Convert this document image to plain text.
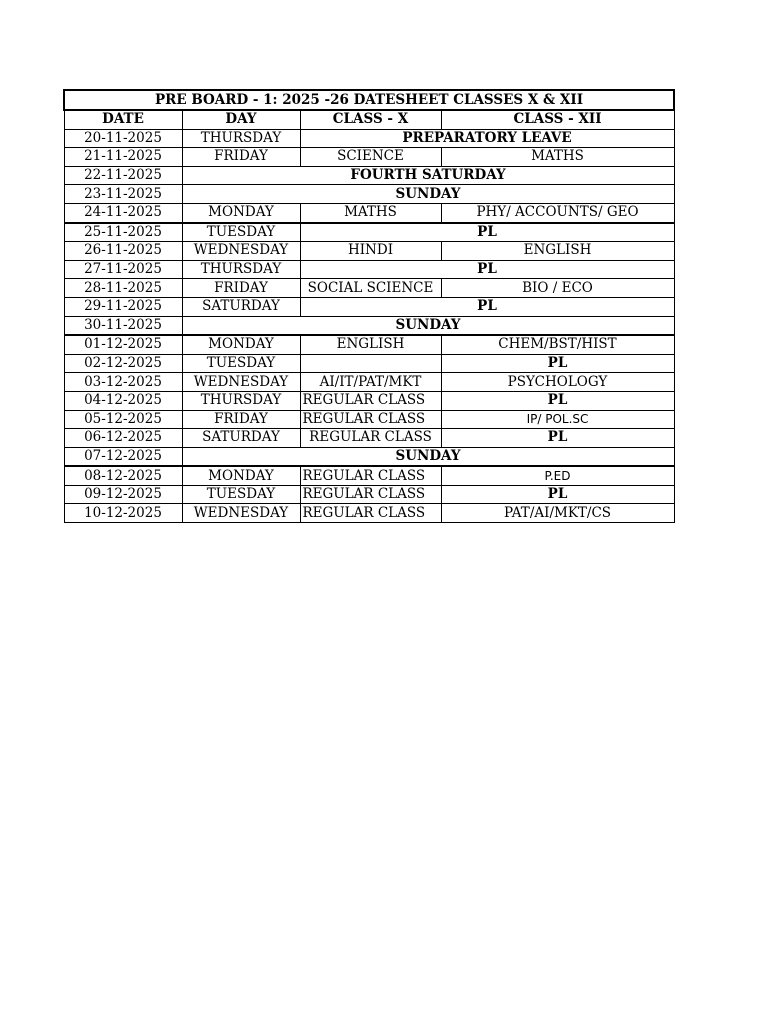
PRE BOARD - 1: 2025 -26 DATESHEET CLASSES X & XII			
DATE	DAY	CLASS - X	CLASS - XII
20-11-2025	THURSDAY	PREPARATORY LEAVE	
21-11-2025	FRIDAY	SCIENCE	MATHS
22-11-2025	FOURTH SATURDAY		
23-11-2025	SUNDAY		
24-11-2025	MONDAY	MATHS	PHY/ ACCOUNTS/ GEO
25-11-2025	TUESDAY	PL	
26-11-2025	WEDNESDAY	HINDI	ENGLISH
27-11-2025	THURSDAY	PL	
28-11-2025	FRIDAY	SOCIAL SCIENCE	BIO / ECO
29-11-2025	SATURDAY	PL	
30-11-2025	SUNDAY		
01-12-2025	MONDAY	ENGLISH	CHEM/BST/HIST
02-12-2025	TUESDAY		PL
03-12-2025	WEDNESDAY	AI/IT/PAT/MKT	PSYCHOLOGY
04-12-2025	THURSDAY	REGULAR CLASS	PL
05-12-2025	FRIDAY	REGULAR CLASS	IP/ POL.SC
06-12-2025	SATURDAY	REGULAR CLASS	PL
07-12-2025	SUNDAY		
08-12-2025	MONDAY	REGULAR CLASS	P.ED
09-12-2025	TUESDAY	REGULAR CLASS	PL
10-12-2025	WEDNESDAY	REGULAR CLASS	PAT/AI/MKT/CS
